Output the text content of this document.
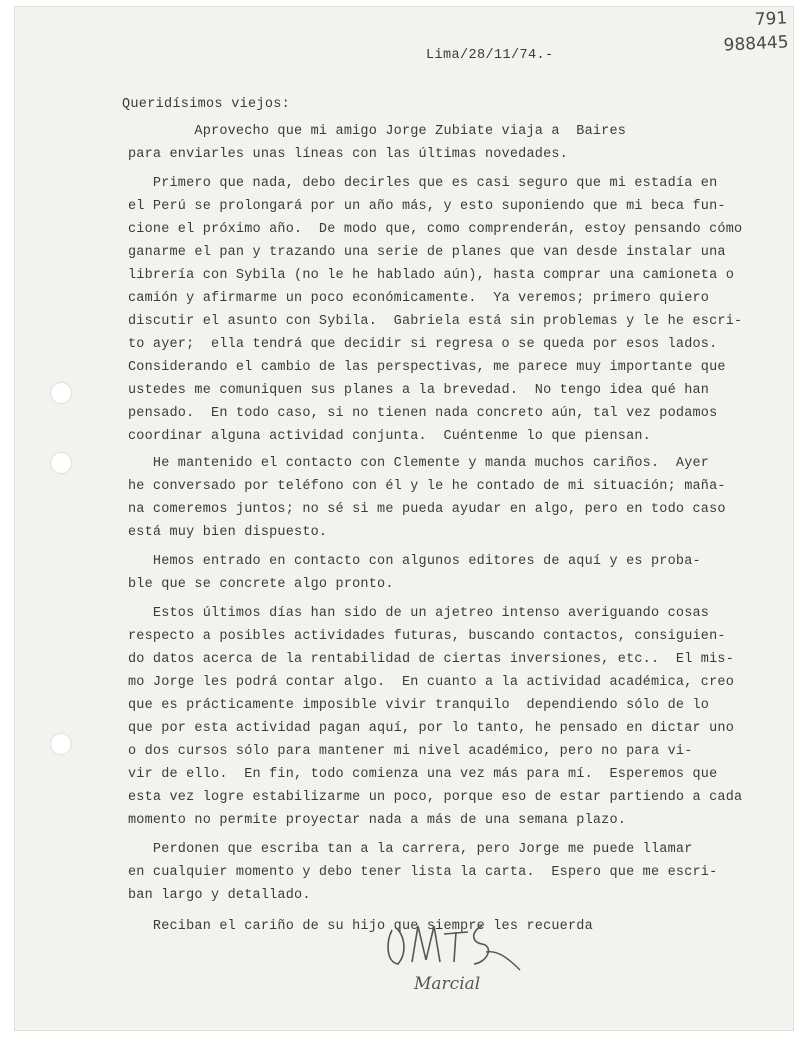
791
988445
Lima/28/11/74.-
Queridísimos viejos:
Aprovecho que mi amigo Jorge Zubiate viaja a  Baires
para enviarles unas líneas con las últimas novedades.
Primero que nada, debo decirles que es casi seguro que mi estadía en
el Perú se prolongará por un año más, y esto suponiendo que mi beca fun-
cione el próximo año.  De modo que, como comprenderán, estoy pensando cómo
ganarme el pan y trazando una serie de planes que van desde instalar una
librería con Sybila (no le he hablado aún), hasta comprar una camioneta o
camión y afirmarme un poco económicamente.  Ya veremos; primero quiero
discutir el asunto con Sybila.  Gabriela está sin problemas y le he escri-
to ayer;  ella tendrá que decidir si regresa o se queda por esos lados.
Considerando el cambio de las perspectivas, me parece muy importante que
ustedes me comuniquen sus planes a la brevedad.  No tengo idea qué han
pensado.  En todo caso, si no tienen nada concreto aún, tal vez podamos
coordinar alguna actividad conjunta.  Cuéntenme lo que piensan.
He mantenido el contacto con Clemente y manda muchos cariños.  Ayer
he conversado por teléfono con él y le he contado de mi situación; maña-
na comeremos juntos; no sé si me pueda ayudar en algo, pero en todo caso
está muy bien dispuesto.
Hemos entrado en contacto con algunos editores de aquí y es proba-
ble que se concrete algo pronto.
Estos últimos días han sido de un ajetreo intenso averiguando cosas
respecto a posibles actividades futuras, buscando contactos, consiguien-
do datos acerca de la rentabilidad de ciertas inversiones, etc..  El mis-
mo Jorge les podrá contar algo.  En cuanto a la actividad académica, creo
que es prácticamente imposible vivir tranquilo  dependiendo sólo de lo
que por esta actividad pagan aquí, por lo tanto, he pensado en dictar uno
o dos cursos sólo para mantener mi nivel académico, pero no para vi-
vir de ello.  En fin, todo comienza una vez más para mí.  Esperemos que
esta vez logre estabilizarme un poco, porque eso de estar partiendo a cada
momento no permite proyectar nada a más de una semana plazo.
Perdonen que escriba tan a la carrera, pero Jorge me puede llamar
en cualquier momento y debo tener lista la carta.  Espero que me escri-
ban largo y detallado.
Reciban el cariño de su hijo que siempre les recuerda
Marcial
